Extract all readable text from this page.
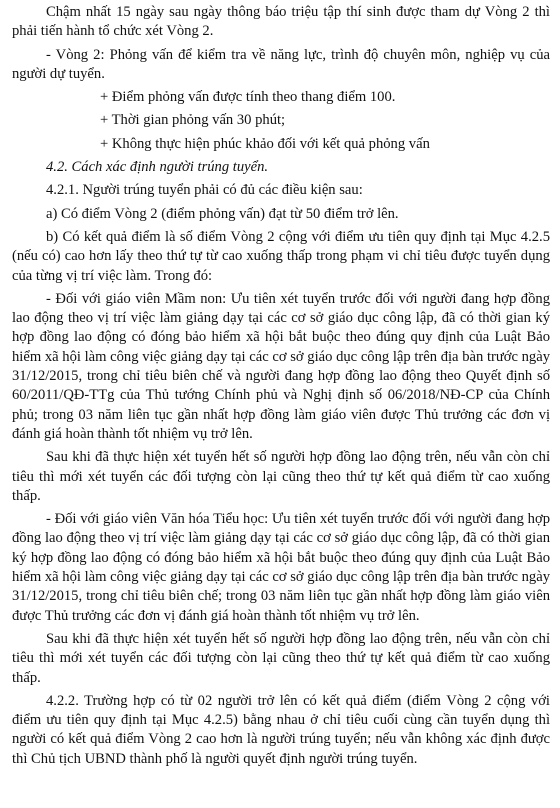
Chậm nhất 15 ngày sau ngày thông báo triệu tập thí sinh được tham dự Vòng 2 thì phải tiến hành tổ chức xét Vòng 2.

- Vòng 2: Phỏng vấn để kiểm tra về năng lực, trình độ chuyên môn, nghiệp vụ của người dự tuyển.

+ Điểm phỏng vấn được tính theo thang điểm 100.

+ Thời gian phỏng vấn 30 phút;

+ Không thực hiện phúc khảo đối với kết quả phỏng vấn

4.2. Cách xác định người trúng tuyển.

4.2.1. Người trúng tuyển phải có đủ các điều kiện sau:

a) Có điểm Vòng 2 (điểm phỏng vấn) đạt từ 50 điểm trở lên.

b) Có kết quả điểm là số điểm Vòng 2 cộng với điểm ưu tiên quy định tại Mục 4.2.5 (nếu có) cao hơn lấy theo thứ tự từ cao xuống thấp trong phạm vi chỉ tiêu được tuyển dụng của từng vị trí việc làm. Trong đó:

- Đối với giáo viên Mầm non: Ưu tiên xét tuyển trước đối với người đang hợp đồng lao động theo vị trí việc làm giảng dạy tại các cơ sở giáo dục công lập, đã có thời gian ký hợp đồng lao động có đóng bảo hiểm xã hội bắt buộc theo đúng quy định của Luật Bảo hiểm xã hội làm công việc giảng dạy tại các cơ sở giáo dục công lập trên địa bàn trước ngày 31/12/2015, trong chỉ tiêu biên chế và người đang hợp đồng lao động theo Quyết định số 60/2011/QĐ-TTg của Thủ tướng Chính phủ và Nghị định số 06/2018/NĐ-CP của Chính phủ; trong 03 năm liên tục gần nhất hợp đồng làm giáo viên được Thủ trưởng các đơn vị đánh giá hoàn thành tốt nhiệm vụ trở lên.

Sau khi đã thực hiện xét tuyển hết số người hợp đồng lao động trên, nếu vẫn còn chỉ tiêu thì mới xét tuyển các đối tượng còn lại cũng theo thứ tự kết quả điểm từ cao xuống thấp.

- Đối với giáo viên Văn hóa Tiểu học: Ưu tiên xét tuyển trước đối với người đang hợp đồng lao động theo vị trí việc làm giảng dạy tại các cơ sở giáo dục công lập, đã có thời gian ký hợp đồng lao động có đóng bảo hiểm xã hội bắt buộc theo đúng quy định của Luật Bảo hiểm xã hội làm công việc giảng dạy tại các cơ sở giáo dục công lập trên địa bàn trước ngày 31/12/2015, trong chỉ tiêu biên chế; trong 03 năm liên tục gần nhất hợp đồng làm giáo viên được Thủ trưởng các đơn vị đánh giá hoàn thành tốt nhiệm vụ trở lên.

Sau khi đã thực hiện xét tuyển hết số người hợp đồng lao động trên, nếu vẫn còn chỉ tiêu thì mới xét tuyển các đối tượng còn lại cũng theo thứ tự kết quả điểm từ cao xuống thấp.

4.2.2. Trường hợp có từ 02 người trở lên có kết quả điểm (điểm Vòng 2 cộng với điểm ưu tiên quy định tại Mục 4.2.5) bằng nhau ở chỉ tiêu cuối cùng cần tuyển dụng thì người có kết quả điểm Vòng 2 cao hơn là người trúng tuyển; nếu vẫn không xác định được thì Chủ tịch UBND thành phố là người quyết định người trúng tuyển.
